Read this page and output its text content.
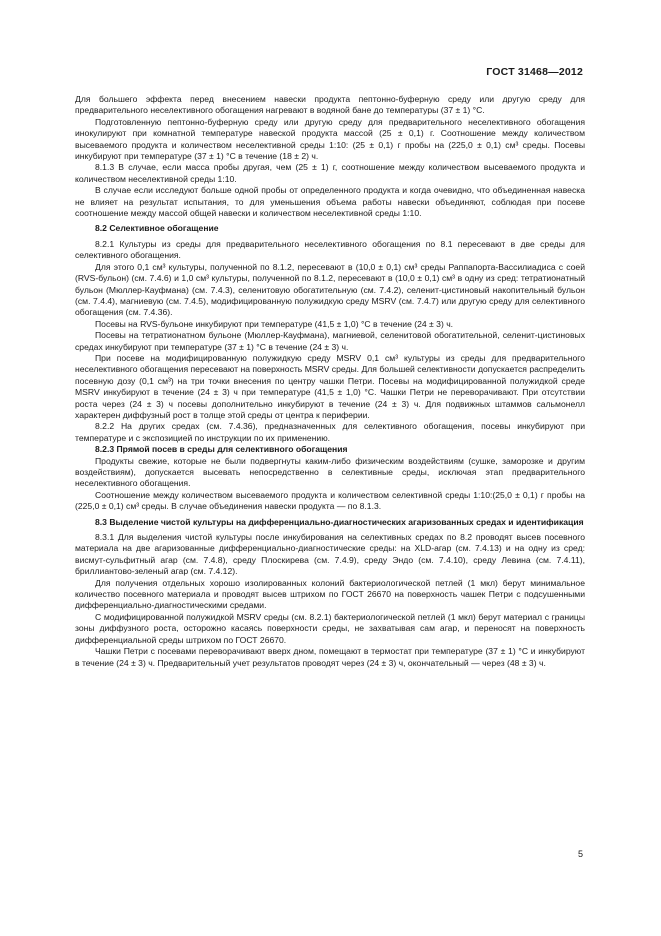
ГОСТ 31468—2012

Для большего эффекта перед внесением навески продукта пептонно-буферную среду или другую среду для предварительного неселективного обогащения нагревают в водяной бане до температуры (37 ± 1) °С.

Подготовленную пептонно-буферную среду или другую среду для предварительного неселективного обогащения инокулируют при комнатной температуре навеской продукта массой (25 ± 0,1) г. Соотношение между количеством высеваемого продукта и количеством неселективной среды 1:10: (25 ± 0,1) г пробы на (225,0 ± 0,1) см³ среды. Посевы инкубируют при температуре (37 ± 1) °С в течение (18 ± 2) ч.

8.1.3 В случае, если масса пробы другая, чем (25 ± 1) г, соотношение между количеством высеваемого продукта и количеством неселективной среды 1:10.

В случае если исследуют больше одной пробы от определенного продукта и когда очевидно, что объединенная навеска не влияет на результат испытания, то для уменьшения объема работы навески объединяют, соблюдая при посеве соотношение между массой общей навески и количеством неселективной среды 1:10.

8.2 Селективное обогащение

8.2.1 Культуры из среды для предварительного неселективного обогащения по 8.1 пересевают в две среды для селективного обогащения.

Для этого 0,1 см³ культуры, полученной по 8.1.2, пересевают в (10,0 ± 0,1) см³ среды Раппапорта-Вассилиадиса с соей (RVS-бульон) (см. 7.4.6) и 1,0 см³ культуры, полученной по 8.1.2, пересевают в (10,0 ± 0,1) см³ в одну из сред: тетратионатный бульон (Мюллер-Кауфмана) (см. 7.4.3), селенитовую обогатительную (см. 7.4.2), селенит-цистиновый накопительный бульон (см. 7.4.4), магниевую (см. 7.4.5), модифицированную полужидкую среду MSRV (см. 7.4.7) или другую среду для селективного обогащения (см. 7.4.36).

Посевы на RVS-бульоне инкубируют при температуре (41,5 ± 1,0) °С в течение (24 ± 3) ч.

Посевы на тетратионатном бульоне (Мюллер-Кауфмана), магниевой, селенитовой обогатительной, селенит-цистиновых средах инкубируют при температуре (37 ± 1) °С в течение (24 ± 3) ч.

При посеве на модифицированную полужидкую среду MSRV 0,1 см³ культуры из среды для предварительного неселективного обогащения пересевают на поверхность MSRV среды. Для большей селективности допускается распределить посевную дозу (0,1 см³) на три точки внесения по центру чашки Петри. Посевы на модифицированной полужидкой среде MSRV инкубируют в течение (24 ± 3) ч при температуре (41,5 ± 1,0) °С. Чашки Петри не переворачивают. При отсутствии роста через (24 ± 3) ч посевы дополнительно инкубируют в течение (24 ± 3) ч. Для подвижных штаммов сальмонелл характерен диффузный рост в толще этой среды от центра к периферии.

8.2.2 На других средах (см. 7.4.36), предназначенных для селективного обогащения, посевы инкубируют при температуре и с экспозицией по инструкции по их применению.

8.2.3 Прямой посев в среды для селективного обогащения

Продукты свежие, которые не были подвергнуты каким-либо физическим воздействиям (сушке, заморозке и другим воздействиям), допускается высевать непосредственно в селективные среды, исключая этап предварительного неселективного обогащения.

Соотношение между количеством высеваемого продукта и количеством селективной среды 1:10:(25,0 ± 0,1) г пробы на (225,0 ± 0,1) см³ среды. В случае объединения навески продукта — по 8.1.3.

8.3 Выделение чистой культуры на дифференциально-диагностических агаризованных средах и идентификация

8.3.1 Для выделения чистой культуры после инкубирования на селективных средах по 8.2 проводят высев посевного материала на две агаризованные дифференциально-диагностические среды: на XLD-агар (см. 7.4.13) и на одну из сред: висмут-сульфитный агар (см. 7.4.8), среду Плоскирева (см. 7.4.9), среду Эндо (см. 7.4.10), среду Левина (см. 7.4.11), бриллиантово-зеленый агар (см. 7.4.12).

Для получения отдельных хорошо изолированных колоний бактериологической петлей (1 мкл) берут минимальное количество посевного материала и проводят высев штрихом по ГОСТ 26670 на поверхность чашек Петри с подсушенными дифференциально-диагностическими средами.

С модифицированной полужидкой MSRV среды (см. 8.2.1) бактериологической петлей (1 мкл) берут материал с границы зоны диффузного роста, осторожно касаясь поверхности среды, не захватывая сам агар, и переносят на поверхность дифференциальной среды штрихом по ГОСТ 26670.

Чашки Петри с посевами переворачивают вверх дном, помещают в термостат при температуре (37 ± 1) °С и инкубируют в течение (24 ± 3) ч. Предварительный учет результатов проводят через (24 ± 3) ч, окончательный — через (48 ± 3) ч.

5
